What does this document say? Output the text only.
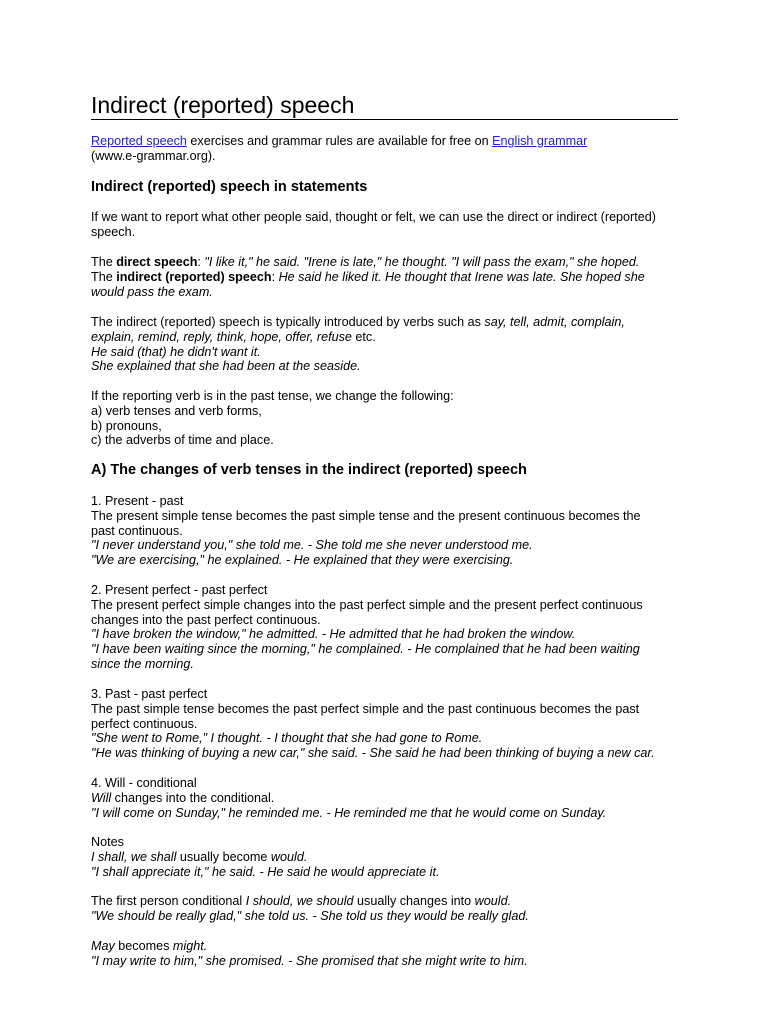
Indirect (reported) speech
Reported speech exercises and grammar rules are available for free on English grammar
(www.e-grammar.org).
Indirect (reported) speech in statements
If we want to report what other people said, thought or felt, we can use the direct or indirect (reported)
speech.
The direct speech: "I like it," he said. "Irene is late," he thought. "I will pass the exam," she hoped.
The indirect (reported) speech: He said he liked it. He thought that Irene was late. She hoped she
would pass the exam.
The indirect (reported) speech is typically introduced by verbs such as say, tell, admit, complain,
explain, remind, reply, think, hope, offer, refuse etc.
He said (that) he didn't want it.
She explained that she had been at the seaside.
If the reporting verb is in the past tense, we change the following:
a) verb tenses and verb forms,
b) pronouns,
c) the adverbs of time and place.
A) The changes of verb tenses in the indirect (reported) speech
1. Present - past
The present simple tense becomes the past simple tense and the present continuous becomes the
past continuous.
"I never understand you," she told me. - She told me she never understood me.
"We are exercising," he explained. - He explained that they were exercising.
2. Present perfect - past perfect
The present perfect simple changes into the past perfect simple and the present perfect continuous
changes into the past perfect continuous.
"I have broken the window," he admitted. - He admitted that he had broken the window.
"I have been waiting since the morning," he complained. - He complained that he had been waiting
since the morning.
3. Past - past perfect
The past simple tense becomes the past perfect simple and the past continuous becomes the past
perfect continuous.
"She went to Rome," I thought. - I thought that she had gone to Rome.
"He was thinking of buying a new car," she said. - She said he had been thinking of buying a new car.
4. Will - conditional
Will changes into the conditional.
"I will come on Sunday," he reminded me. - He reminded me that he would come on Sunday.
Notes
I shall, we shall usually become would.
"I shall appreciate it," he said. - He said he would appreciate it.
The first person conditional I should, we should usually changes into would.
"We should be really glad," she told us. - She told us they would be really glad.
May becomes might.
"I may write to him," she promised. - She promised that she might write to him.
